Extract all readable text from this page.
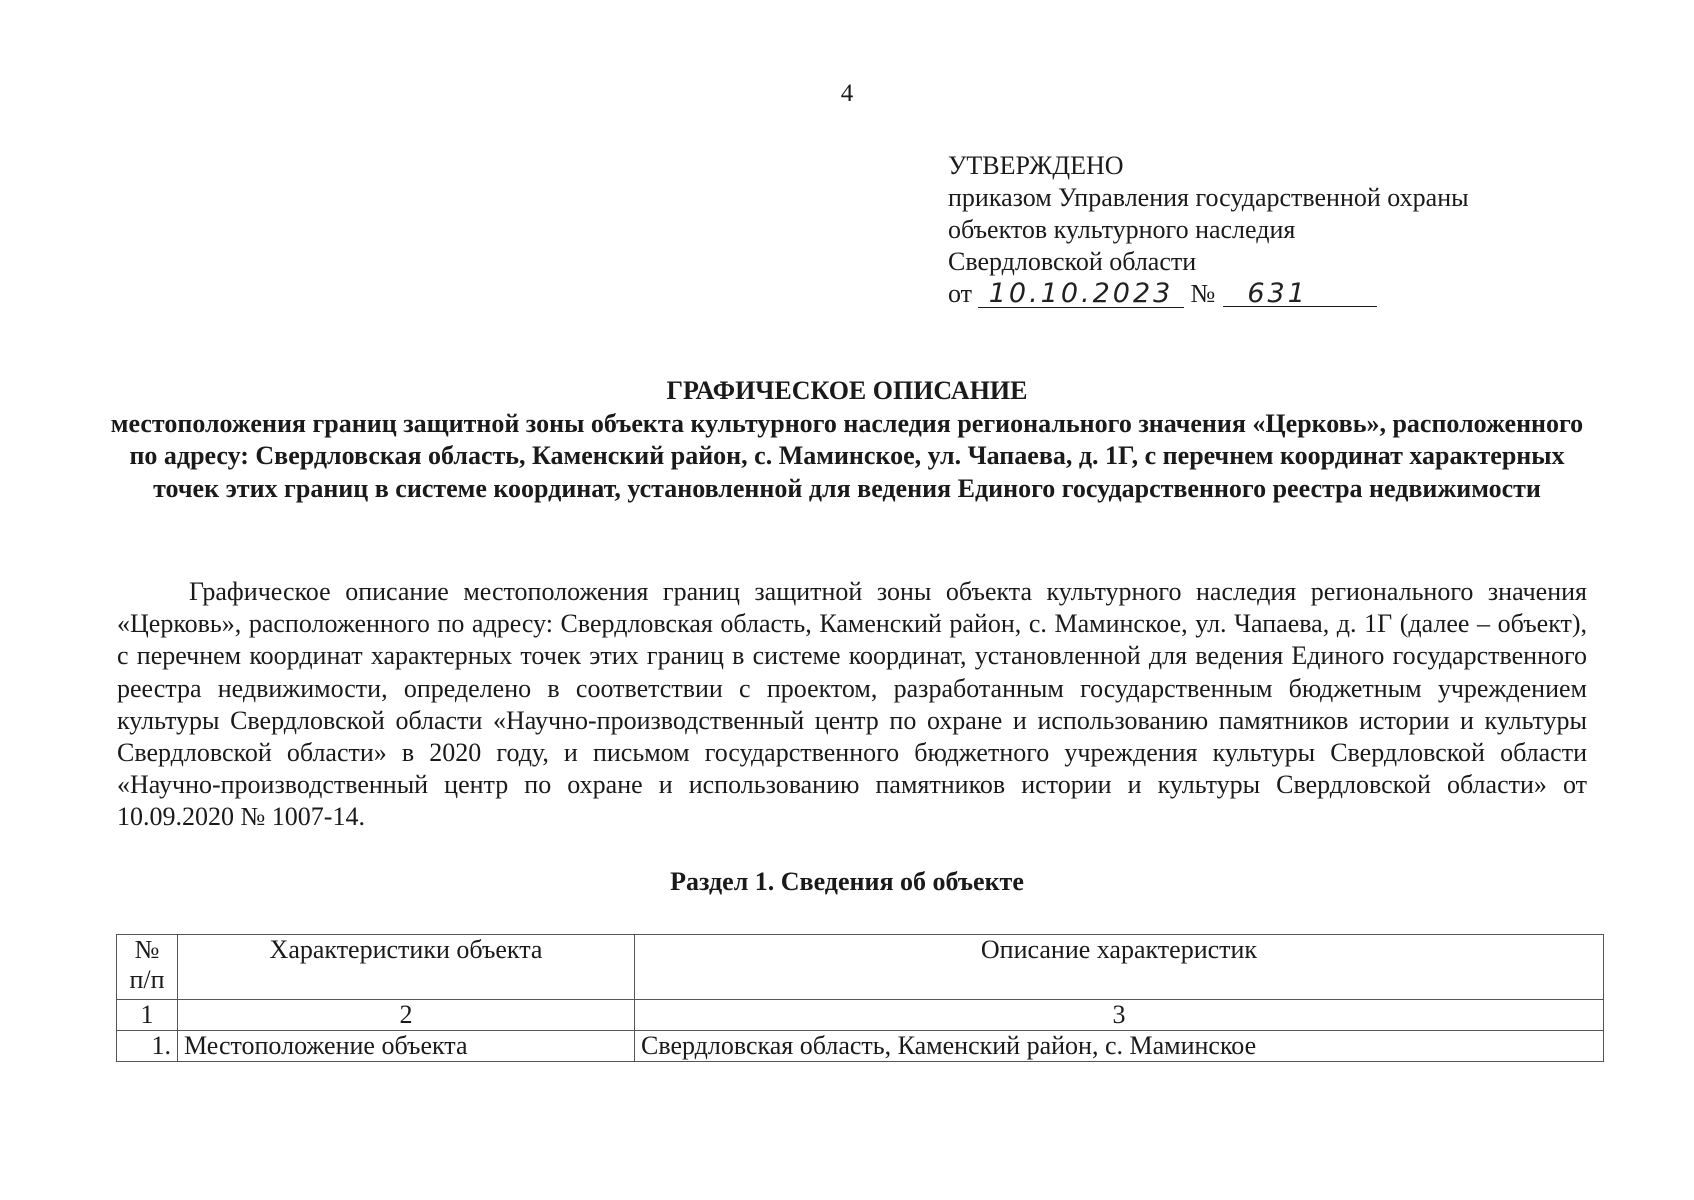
4
УТВЕРЖДЕНО
приказом Управления государственной охраны
объектов культурного наследия
Свердловской области
от 10.10.2023 № 631
ГРАФИЧЕСКОЕ ОПИСАНИЕ
местоположения границ защитной зоны объекта культурного наследия регионального значения «Церковь», расположенного по адресу: Свердловская область, Каменский район, с. Маминское, ул. Чапаева, д. 1Г, с перечнем координат характерных точек этих границ в системе координат, установленной для ведения Единого государственного реестра недвижимости
Графическое описание местоположения границ защитной зоны объекта культурного наследия регионального значения «Церковь», расположенного по адресу: Свердловская область, Каменский район, с. Маминское, ул. Чапаева, д. 1Г (далее – объект), с перечнем координат характерных точек этих границ в системе координат, установленной для ведения Единого государственного реестра недвижимости, определено в соответствии с проектом, разработанным государственным бюджетным учреждением культуры Свердловской области «Научно-производственный центр по охране и использованию памятников истории и культуры Свердловской области» в 2020 году, и письмом государственного бюджетного учреждения культуры Свердловской области «Научно-производственный центр по охране и использованию памятников истории и культуры Свердловской области» от 10.09.2020 № 1007-14.
Раздел 1. Сведения об объекте
№ п/п	Характеристики объекта	Описание характеристик
1	2	3
1.	Местоположение объекта	Свердловская область, Каменский район, с. Маминское
